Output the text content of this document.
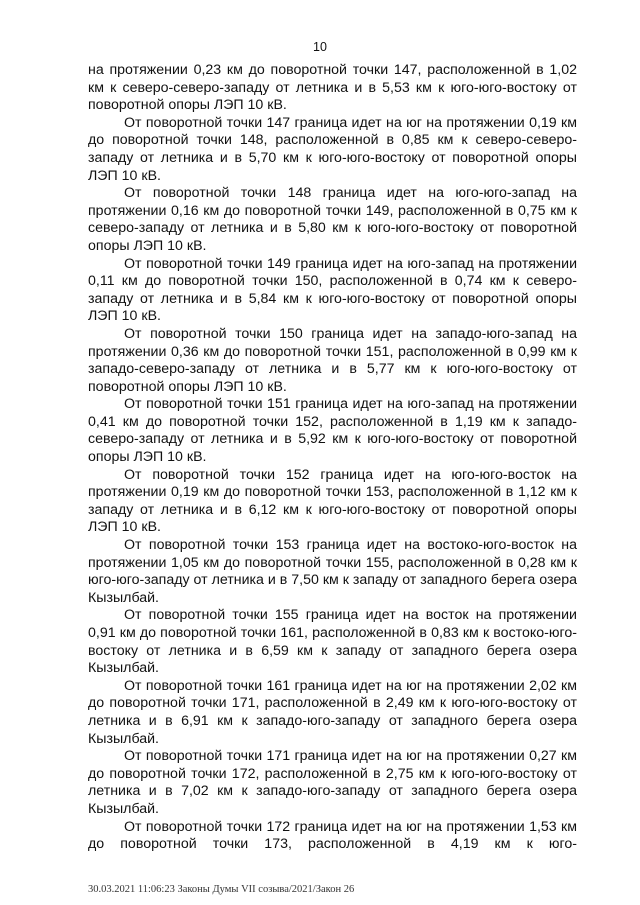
10

на протяжении 0,23 км до поворотной точки 147, расположенной в 1,02 км к северо-северо-западу от летника и в 5,53 км к юго-юго-востоку от поворотной опоры ЛЭП 10 кВ.

От поворотной точки 147 граница идет на юг на протяжении 0,19 км до поворотной точки 148, расположенной в 0,85 км к северо-северо-западу от летника и в 5,70 км к юго-юго-востоку от поворотной опоры ЛЭП 10 кВ.

От поворотной точки 148 граница идет на юго-юго-запад на протяжении 0,16 км до поворотной точки 149, расположенной в 0,75 км к северо-западу от летника и в 5,80 км к юго-юго-востоку от поворотной опоры ЛЭП 10 кВ.

От поворотной точки 149 граница идет на юго-запад на протяжении 0,11 км до поворотной точки 150, расположенной в 0,74 км к северо-западу от летника и в 5,84 км к юго-юго-востоку от поворотной опоры ЛЭП 10 кВ.

От поворотной точки 150 граница идет на западо-юго-запад на протяжении 0,36 км до поворотной точки 151, расположенной в 0,99 км к западо-северо-западу от летника и в 5,77 км к юго-юго-востоку от поворотной опоры ЛЭП 10 кВ.

От поворотной точки 151 граница идет на юго-запад на протяжении 0,41 км до поворотной точки 152, расположенной в 1,19 км к западо-северо-западу от летника и в 5,92 км к юго-юго-востоку от поворотной опоры ЛЭП 10 кВ.

От поворотной точки 152 граница идет на юго-юго-восток на протяжении 0,19 км до поворотной точки 153, расположенной в 1,12 км к западу от летника и в 6,12 км к юго-юго-востоку от поворотной опоры ЛЭП 10 кВ.

От поворотной точки 153 граница идет на востоко-юго-восток на протяжении 1,05 км до поворотной точки 155, расположенной в 0,28 км к юго-юго-западу от летника и в 7,50 км к западу от западного берега озера Кызылбай.

От поворотной точки 155 граница идет на восток на протяжении 0,91 км до поворотной точки 161, расположенной в 0,83 км к востоко-юго-востоку от летника и в 6,59 км к западу от западного берега озера Кызылбай.

От поворотной точки 161 граница идет на юг на протяжении 2,02 км до поворотной точки 171, расположенной в 2,49 км к юго-юго-востоку от летника и в 6,91 км к западо-юго-западу от западного берега озера Кызылбай.

От поворотной точки 171 граница идет на юг на протяжении 0,27 км до поворотной точки 172, расположенной в 2,75 км к юго-юго-востоку от летника и в 7,02 км к западо-юго-западу от западного берега озера Кызылбай.

От поворотной точки 172 граница идет на юг на протяжении 1,53 км до поворотной точки 173, расположенной в 4,19 км к юго-

30.03.2021 11:06:23 Законы Думы VII созыва/2021/Закон 26
